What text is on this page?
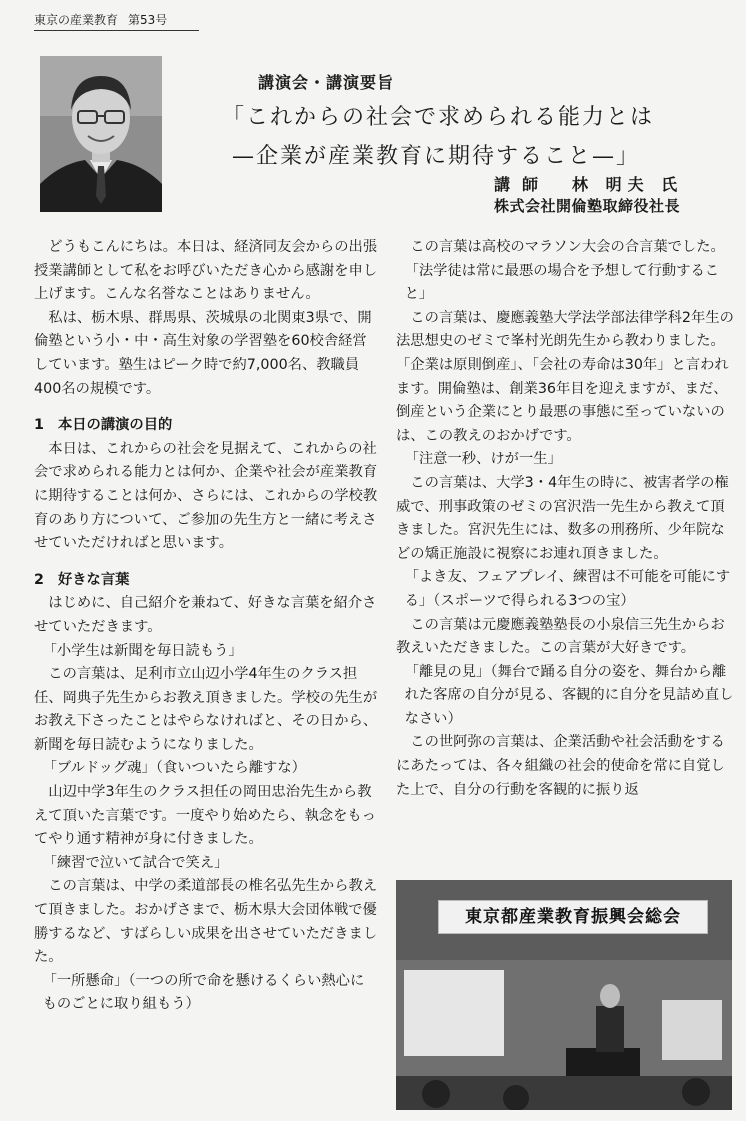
東京の産業教育 第53号
講演会・講演要旨
「これからの社会で求められる能力とは
—企業が産業教育に期待すること—」
講師 林 明夫 氏
株式会社開倫塾取締役社長

どうもこんにちは。本日は、経済同友会からの出張授業講師として私をお呼びいただき心から感謝を申し上げます。こんな名誉なことはありません。

私は、栃木県、群馬県、茨城県の北関東3県で、開倫塾という小・中・高生対象の学習塾を60校舎経営しています。塾生はピーク時で約7,000名、教職員400名の規模です。

1 本日の講演の目的

本日は、これからの社会を見据えて、これからの社会で求められる能力とは何か、企業や社会が産業教育に期待することは何か、さらには、これからの学校教育のあり方について、ご参加の先生方と一緒に考えさせていただければと思います。

2 好きな言葉

はじめに、自己紹介を兼ねて、好きな言葉を紹介させていただきます。

「小学生は新聞を毎日読もう」

この言葉は、足利市立山辺小学4年生のクラス担任、岡典子先生からお教え頂きました。学校の先生がお教え下さったことはやらなければと、その日から、新聞を毎日読むようになりました。

「ブルドッグ魂」（食いついたら離すな）

山辺中学3年生のクラス担任の岡田忠治先生から教えて頂いた言葉です。一度やり始めたら、執念をもってやり通す精神が身に付きました。

「練習で泣いて試合で笑え」

この言葉は、中学の柔道部長の椎名弘先生から教えて頂きました。おかげさまで、栃木県大会団体戦で優勝するなど、すばらしい成果を出させていただきました。

「一所懸命」（一つの所で命を懸けるくらい熱心にものごとに取り組もう）

この言葉は高校のマラソン大会の合言葉でした。

「法学徒は常に最悪の場合を予想して行動すること」

この言葉は、慶應義塾大学法学部法律学科2年生の法思想史のゼミで峯村光朗先生から教わりました。「企業は原則倒産」、「会社の寿命は30年」と言われます。開倫塾は、創業36年目を迎えますが、まだ、倒産という企業にとり最悪の事態に至っていないのは、この教えのおかげです。

「注意一秒、けが一生」

この言葉は、大学3・4年生の時に、被害者学の権威で、刑事政策のゼミの宮沢浩一先生から教えて頂きました。宮沢先生には、数多の刑務所、少年院などの矯正施設に視察にお連れ頂きました。

「よき友、フェアプレイ、練習は不可能を可能にする」（スポーツで得られる3つの宝）

この言葉は元慶應義塾塾長の小泉信三先生からお教えいただきました。この言葉が大好きです。

「離見の見」（舞台で踊る自分の姿を、舞台から離れた客席の自分が見る、客観的に自分を見詰め直しなさい）

この世阿弥の言葉は、企業活動や社会活動をするにあたっては、各々組織の社会的使命を常に自覚した上で、自分の行動を客観的に振り返

東京都産業教育振興会総会
